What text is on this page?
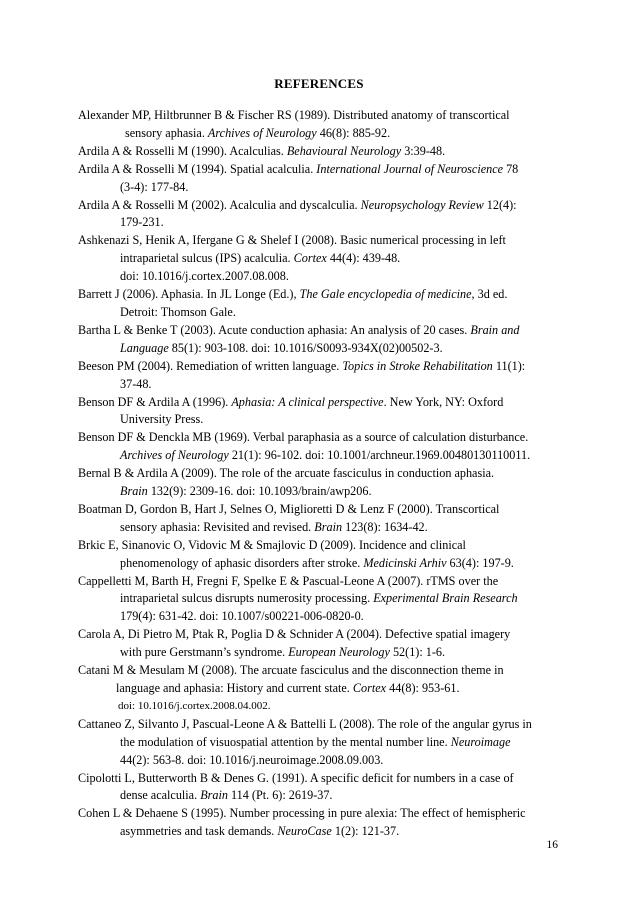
REFERENCES

Alexander MP, Hiltbrunner B & Fischer RS (1989). Distributed anatomy of transcortical
sensory aphasia. Archives of Neurology 46(8): 885-92.

Ardila A & Rosselli M (1990). Acalculias. Behavioural Neurology 3:39-48.

Ardila A & Rosselli M (1994). Spatial acalculia. International Journal of Neuroscience 78
(3-4): 177-84.

Ardila A & Rosselli M (2002). Acalculia and dyscalculia. Neuropsychology Review 12(4):
179-231.

Ashkenazi S, Henik A, Ifergane G & Shelef I (2008). Basic numerical processing in left
intraparietal sulcus (IPS) acalculia. Cortex 44(4): 439-48.
doi: 10.1016/j.cortex.2007.08.008.

Barrett J (2006). Aphasia. In JL Longe (Ed.), The Gale encyclopedia of medicine, 3d ed.
Detroit: Thomson Gale.

Bartha L & Benke T (2003). Acute conduction aphasia: An analysis of 20 cases. Brain and
Language 85(1): 903-108. doi: 10.1016/S0093-934X(02)00502-3.

Beeson PM (2004). Remediation of written language. Topics in Stroke Rehabilitation 11(1):
37-48.

Benson DF & Ardila A (1996). Aphasia: A clinical perspective. New York, NY: Oxford
University Press.

Benson DF & Denckla MB (1969). Verbal paraphasia as a source of calculation disturbance.
Archives of Neurology 21(1): 96-102. doi: 10.1001/archneur.1969.00480130110011.

Bernal B & Ardila A (2009). The role of the arcuate fasciculus in conduction aphasia.
Brain 132(9): 2309-16. doi: 10.1093/brain/awp206.

Boatman D, Gordon B, Hart J, Selnes O, Miglioretti D & Lenz F (2000). Transcortical
sensory aphasia: Revisited and revised. Brain 123(8): 1634-42.

Brkic E, Sinanovic O, Vidovic M & Smajlovic D (2009). Incidence and clinical
phenomenology of aphasic disorders after stroke. Medicinski Arhiv 63(4): 197-9.

Cappelletti M, Barth H, Fregni F, Spelke E & Pascual-Leone A (2007). rTMS over the
intraparietal sulcus disrupts numerosity processing. Experimental Brain Research
179(4): 631-42. doi: 10.1007/s00221-006-0820-0.

Carola A, Di Pietro M, Ptak R, Poglia D & Schnider A (2004). Defective spatial imagery
with pure Gerstmann’s syndrome. European Neurology 52(1): 1-6.

Catani M & Mesulam M (2008). The arcuate fasciculus and the disconnection theme in
language and aphasia: History and current state. Cortex 44(8): 953-61.
doi: 10.1016/j.cortex.2008.04.002.

Cattaneo Z, Silvanto J, Pascual-Leone A & Battelli L (2008). The role of the angular gyrus in
the modulation of visuospatial attention by the mental number line. Neuroimage
44(2): 563-8. doi: 10.1016/j.neuroimage.2008.09.003.

Cipolotti L, Butterworth B & Denes G. (1991). A specific deficit for numbers in a case of
dense acalculia. Brain 114 (Pt. 6): 2619-37.

Cohen L & Dehaene S (1995). Number processing in pure alexia: The effect of hemispheric
asymmetries and task demands. NeuroCase 1(2): 121-37.

16
